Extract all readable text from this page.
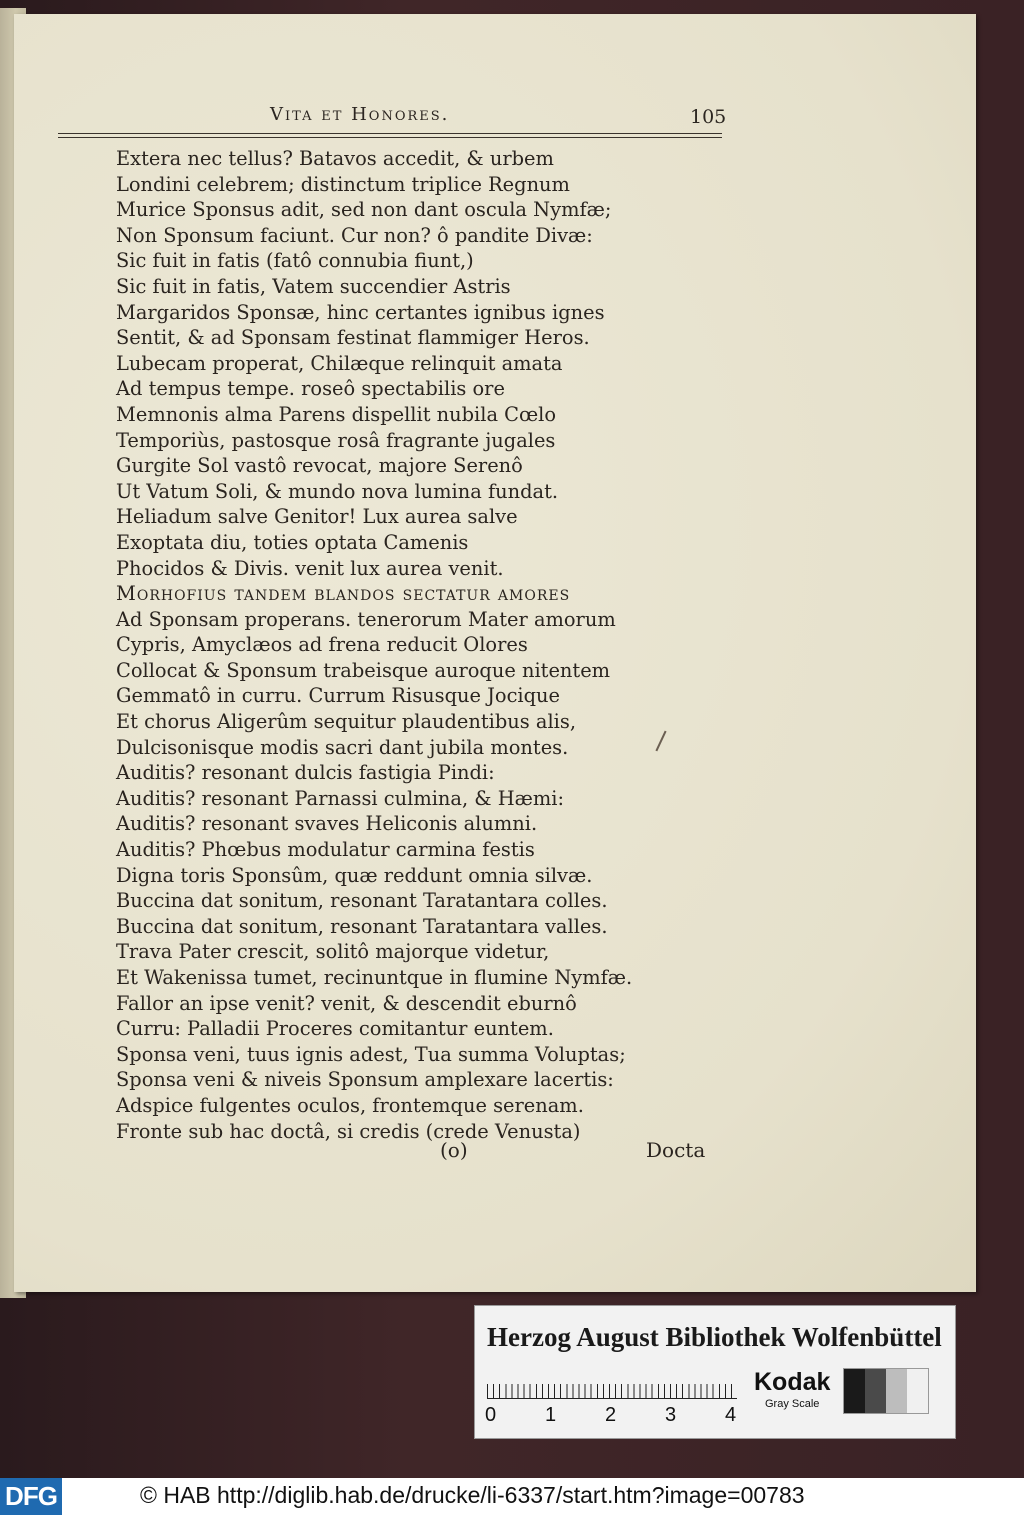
Vita et Honores.	105
Extera nec tellus? Batavos accedit, & urbem
Londini celebrem; distinctum triplice Regnum
Murice Sponsus adit, sed non dant oscula Nymfæ;
Non Sponsum faciunt. Cur non? ô pandite Divæ:
Sic fuit in fatis (fatô connubia fiunt,)
Sic fuit in fatis, Vatem succendier Astris
Margaridos Sponsæ, hinc certantes ignibus ignes
Sentit, & ad Sponsam festinat flammiger Heros.
Lubecam properat, Chilæque relinquit amata
Ad tempus tempe. roseô spectabilis ore
Memnonis alma Parens dispellit nubila Cœlo
Temporiùs, pastosque rosâ fragrante jugales
Gurgite Sol vastô revocat, majore Serenô
Ut Vatum Soli, & mundo nova lumina fundat.
Heliadum salve Genitor! Lux aurea salve
Exoptata diu, toties optata Camenis
Phocidos & Divis. venit lux aurea venit.
Morhofius tandem blandos sectatur amores
Ad Sponsam properans. tenerorum Mater amorum
Cypris, Amyclæos ad frena reducit Olores
Collocat & Sponsum trabeisque auroque nitentem
Gemmatô in curru. Currum Risusque Jocique
Et chorus Aligerûm sequitur plaudentibus alis,
Dulcisonisque modis sacri dant jubila montes.
Auditis? resonant dulcis fastigia Pindi:
Auditis? resonant Parnassi culmina, & Hæmi:
Auditis? resonant svaves Heliconis alumni.
Auditis? Phœbus modulatur carmina festis
Digna toris Sponsûm, quæ reddunt omnia silvæ.
Buccina dat sonitum, resonant Taratantara colles.
Buccina dat sonitum, resonant Taratantara valles.
Trava Pater crescit, solitô majorque videtur,
Et Wakenissa tumet, recinuntque in flumine Nymfæ.
Fallor an ipse venit? venit, & descendit eburnô
Curru: Palladii Proceres comitantur euntem.
Sponsa veni, tuus ignis adest, Tua summa Voluptas;
Sponsa veni & niveis Sponsum amplexare lacertis:
Adspice fulgentes oculos, frontemque serenam.
Fronte sub hac doctâ, si credis (crede Venusta)
(o)	Docta
Herzog August Bibliothek Wolfenbüttel
0 1 2 3 4
Kodak
Gray Scale
DFG	© HAB http://diglib.hab.de/drucke/li-6337/start.htm?image=00783
